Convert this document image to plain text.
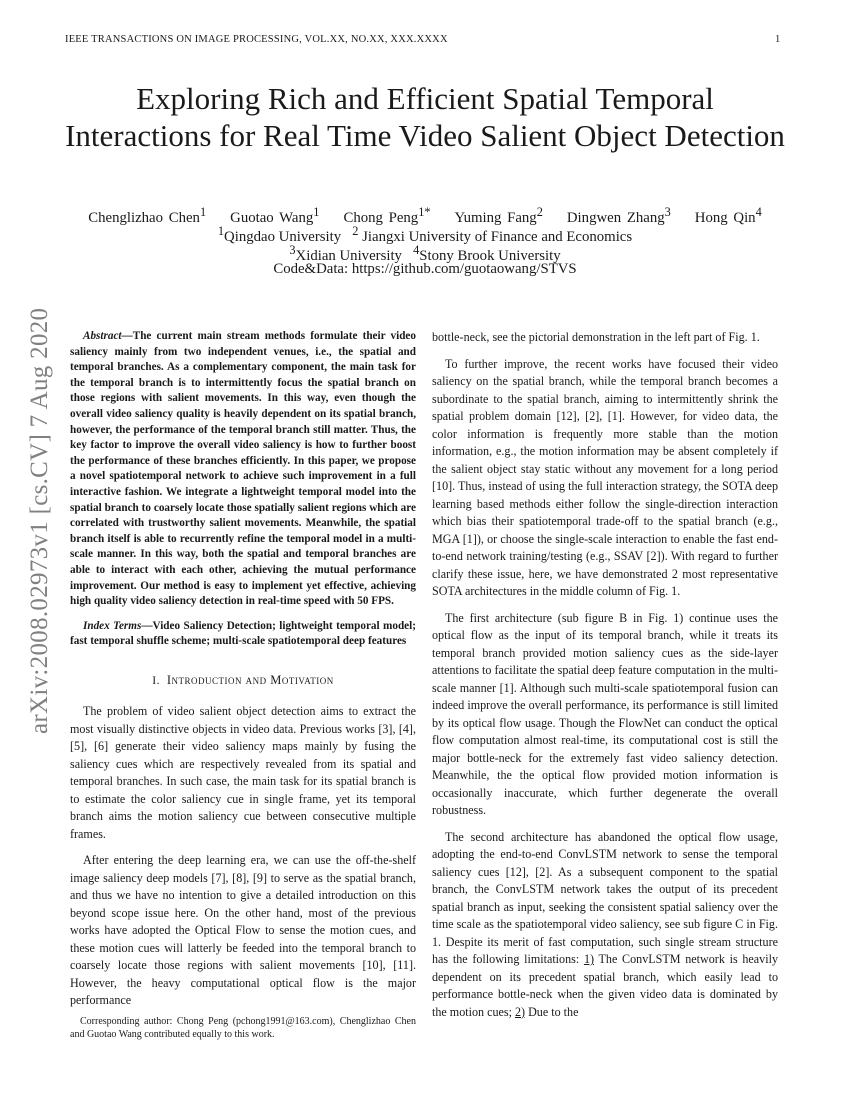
IEEE TRANSACTIONS ON IMAGE PROCESSING, VOL.XX, NO.XX, XXX.XXXX	1
Exploring Rich and Efficient Spatial Temporal Interactions for Real Time Video Salient Object Detection
Chenglizhao Chen$^1$ Guotao Wang$^1$ Chong Peng$^{1*}$ Yuming Fang$^2$ Dingwen Zhang$^3$ Hong Qin$^4$
$^1$Qingdao University $^2$ Jiangxi University of Finance and Economics
$^3$Xidian University $^4$Stony Brook University
Code&Data: https://github.com/guotaowang/STVS
arXiv:2008.02973v1 [cs.CV] 7 Aug 2020	Abstract—The current main stream methods formulate their video saliency mainly from two independent venues, i.e., the spatial and temporal branches. As a complementary component, the main task for the temporal branch is to intermittently focus the spatial branch on those regions with salient movements. In this way, even though the overall video saliency quality is heavily dependent on its spatial branch, however, the performance of the temporal branch still matter. Thus, the key factor to improve the overall video saliency is how to further boost the performance of these branches efficiently. In this paper, we propose a novel spatiotemporal network to achieve such improvement in a full interactive fashion. We integrate a lightweight temporal model into the spatial branch to coarsely locate those spatially salient regions which are correlated with trustworthy salient movements. Meanwhile, the spatial branch itself is able to recurrently refine the temporal model in a multi-scale manner. In this way, both the spatial and temporal branches are able to interact with each other, achieving the mutual performance improvement. Our method is easy to implement yet effective, achieving high quality video saliency detection in real-time speed with 50 FPS.

Index Terms—Video Saliency Detection; lightweight temporal model; fast temporal shuffle scheme; multi-scale spatiotemporal deep features

I. Introduction and Motivation

The problem of video salient object detection aims to extract the most visually distinctive objects in video data. Previous works [3], [4], [5], [6] generate their video saliency maps mainly by fusing the saliency cues which are respectively revealed from its spatial and temporal branches. In such case, the main task for its spatial branch is to estimate the color saliency cue in single frame, yet its temporal branch aims the motion saliency cue between consecutive multiple frames.

After entering the deep learning era, we can use the off-the-shelf image saliency deep models [7], [8], [9] to serve as the spatial branch, and thus we have no intention to give a detailed introduction on this beyond scope issue here. On the other hand, most of the previous works have adopted the Optical Flow to sense the motion cues, and these motion cues will latterly be feeded into the temporal branch to coarsely locate those regions with salient movements [10], [11]. However, the heavy computational optical flow is the major performance

Corresponding author: Chong Peng (pchong1991@163.com), Chenglizhao Chen and Guotao Wang contributed equally to this work.

bottle-neck, see the pictorial demonstration in the left part of Fig. 1.

To further improve, the recent works have focused their video saliency on the spatial branch, while the temporal branch becomes a subordinate to the spatial branch, aiming to intermittently shrink the spatial problem domain [12], [2], [1]. However, for video data, the color information is frequently more stable than the motion information, e.g., the motion information may be absent completely if the salient object stay static without any movement for a long period [10]. Thus, instead of using the full interaction strategy, the SOTA deep learning based methods either follow the single-direction interaction which bias their spatiotemporal trade-off to the spatial branch (e.g., MGA [1]), or choose the single-scale interaction to enable the fast end-to-end network training/testing (e.g., SSAV [2]). With regard to further clarify these issue, here, we have demonstrated 2 most representative SOTA architectures in the middle column of Fig. 1.

The first architecture (sub figure B in Fig. 1) continue uses the optical flow as the input of its temporal branch, while it treats its temporal branch provided motion saliency cues as the side-layer attentions to facilitate the spatial deep feature computation in the multi-scale manner [1]. Although such multi-scale spatiotemporal fusion can indeed improve the overall performance, its performance is still limited by its optical flow usage. Though the FlowNet can conduct the optical flow computation almost real-time, its computational cost is still the major bottle-neck for the extremely fast video saliency detection. Meanwhile, the the optical flow provided motion information is occasionally inaccurate, which further degenerate the overall robustness.

The second architecture has abandoned the optical flow usage, adopting the end-to-end ConvLSTM network to sense the temporal saliency cues [12], [2]. As a subsequent component to the spatial branch, the ConvLSTM network takes the output of its precedent spatial branch as input, seeking the consistent spatial saliency over the time scale as the spatiotemporal video saliency, see sub figure C in Fig. 1. Despite its merit of fast computation, such single stream structure has the following limitations: 1) The ConvLSTM network is heavily dependent on its precedent spatial branch, which easily lead to performance bottle-neck when the given video data is dominated by the motion cues; 2) Due to the
